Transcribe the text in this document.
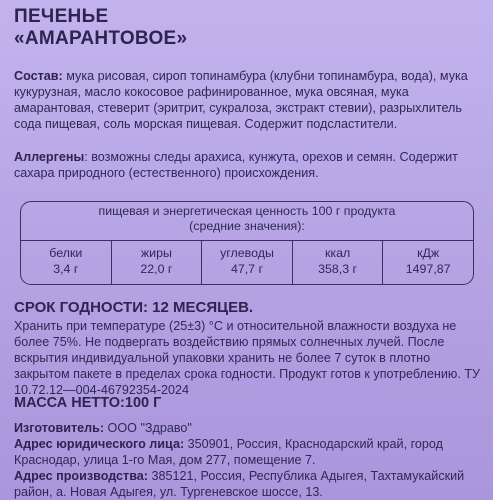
ПЕЧЕНЬЕ
«АМАРАНТОВОЕ»
Состав: мука рисовая, сироп топинамбура (клубни топинамбура, вода), мука кукурузная, масло кокосовое рафинированное, мука овсяная, мука амарантовая, стеверит (эритрит, сукралоза, экстракт стевии), разрыхлитель сода пищевая, соль морская пищевая. Содержит подсластители.
Аллергены: возможны следы арахиса, кунжута, орехов и семян. Содержит сахара природного (естественного) происхождения.
пищевая и энергетическая ценность 100 г продукта
(средние значения):
белки
3,4 г
жиры
22,0 г
углеводы
47,7 г
ккал
358,3 г
кДж
1497,87
СРОК ГОДНОСТИ: 12 МЕСЯЦЕВ.
Хранить при температуре (25±3) °С и относительной влажности воздуха не более 75%. Не подвергать воздействию прямых солнечных лучей. После вскрытия индивидуальной упаковки хранить не более 7 суток в плотно закрытом пакете в пределах срока годности. Продукт готов к употреблению. ТУ 10.72.12—004-46792354-2024
МАССА НЕТТО:100 Г
Изготовитель: ООО "Здраво"
Адрес юридического лица: 350901, Россия, Краснодарский край, город Краснодар, улица 1-го Мая, дом 277, помещение 7.
Адрес производства: 385121, Россия, Республика Адыгея, Тахтамукайский район, а. Новая Адыгея, ул. Тургеневское шоссе, 13.
